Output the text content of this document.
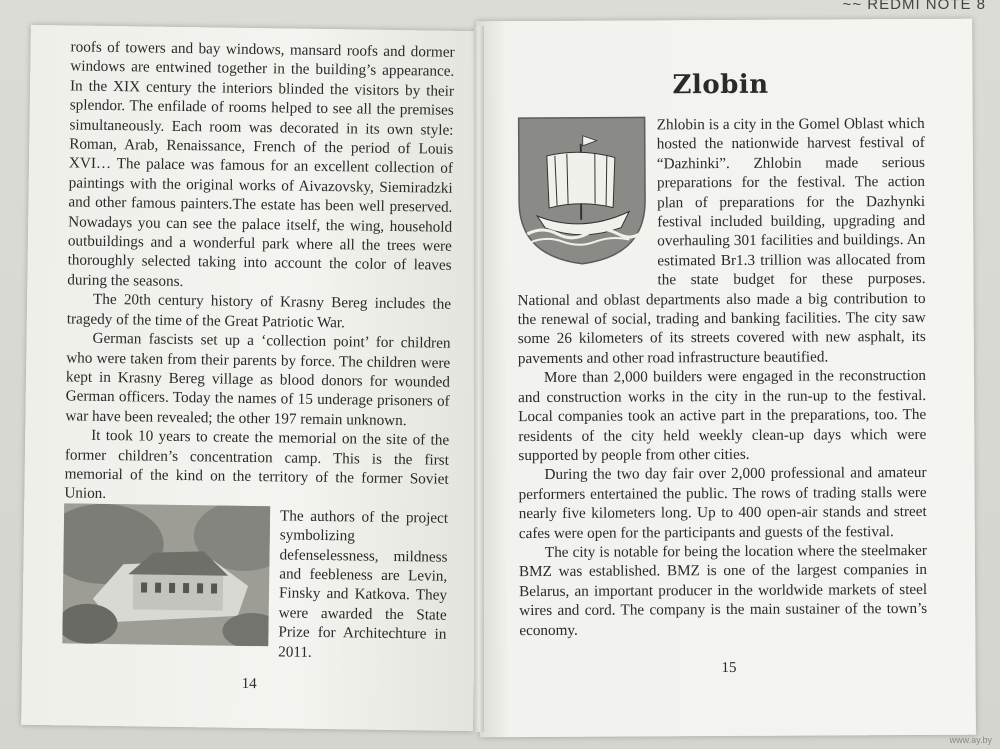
~~ REDMI NOTE 8

roofs of towers and bay windows, mansard roofs and dormer windows are entwined together in the building’s appearance. In the XIX century the interiors blinded the visitors by their splendor. The enfilade of rooms helped to see all the premises simultaneously. Each room was decorated in its own style: Roman, Arab, Renaissance, French of the period of Louis XVI… The palace was famous for an excellent collection of paintings with the original works of Aivazovsky, Siemiradzki and other famous painters.The estate has been well preserved. Nowadays you can see the palace itself, the wing, household outbuildings and a wonderful park where all the trees were thoroughly selected taking into account the color of leaves during the seasons.

The 20th century history of Krasny Bereg includes the tragedy of the time of the Great Patriotic War.

German fascists set up a ‘collection point’ for children who were taken from their parents by force. The children were kept in Krasny Bereg village as blood donors for wounded German officers. Today the names of 15 underage prisoners of war have been revealed; the other 197 remain unknown.

It took 10 years to create the memorial on the site of the former children’s concentration camp. This is the first memorial of the kind on the territory of the former Soviet Union.

The authors of the project symbolizing defenselessness, mildness and feebleness are Levin, Finsky and Katkova. They were awarded the State Prize for Architechture in 2011.

14
Zlobin

Zhlobin is a city in the Gomel Oblast which hosted the nationwide harvest festival of “Dazhinki”. Zhlobin made serious preparations for the festival. The action plan of preparations for the Dazhynki festival included building, upgrading and overhauling 301 facilities and buildings. An estimated Br1.3 trillion was allocated from the state budget for these purposes. National and oblast departments also made a big contribution to the renewal of social, trading and banking facilities. The city saw some 26 kilometers of its streets covered with new asphalt, its pavements and other road infrastructure beautified.

More than 2,000 builders were engaged in the reconstruction and construction works in the city in the run-up to the festival. Local companies took an active part in the preparations, too. The residents of the city held weekly clean-up days which were supported by people from other cities.

During the two day fair over 2,000 professional and amateur performers entertained the public. The rows of trading stalls were nearly five kilometers long. Up to 400 open-air stands and street cafes were open for the participants and guests of the festival.

The city is notable for being the location where the steelmaker BMZ was established. BMZ is one of the largest companies in Belarus, an important producer in the worldwide markets of steel wires and cord. The company is the main sustainer of the town’s economy.

15
www.ay.by
